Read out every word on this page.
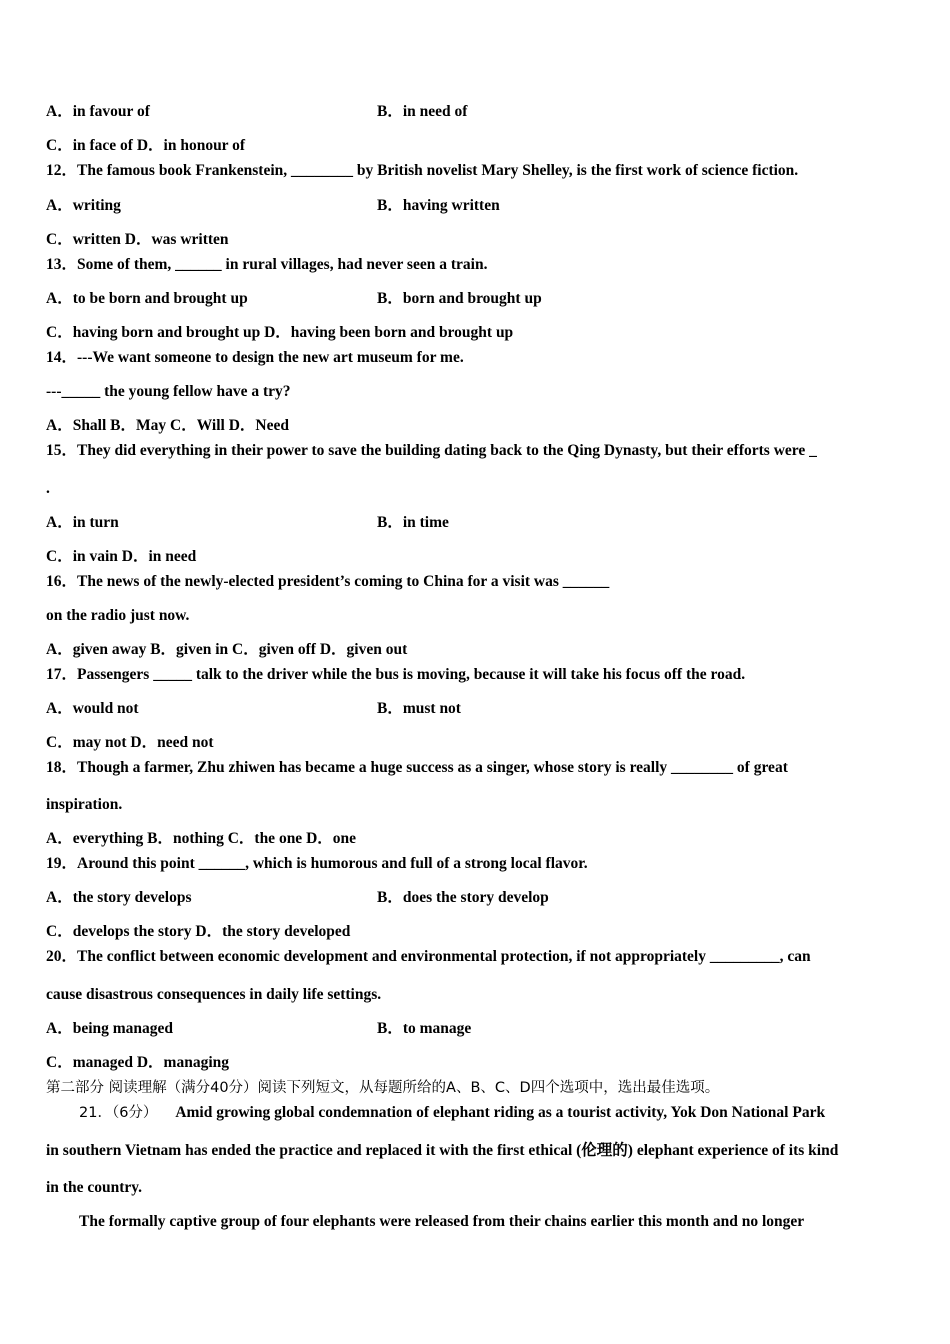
A．in favour of	B．in need of
C．in face of D．in honour of
12．The famous book Frankenstein, ________ by British novelist Mary Shelley, is the first work of science fiction.
A．writing	B．having written
C．written D．was written
13．Some of them, ______ in rural villages, had never seen a train.
A．to be born and brought up	B．born and brought up
C．having born and brought up D．having been born and brought up
14．---We want someone to design the new art museum for me.
---_____ the young fellow have a try?
A．Shall B．May C．Will D．Need
15．They did everything in their power to save the building dating back to the Qing Dynasty, but their efforts were _
.
A．in turn	B．in time
C．in vain D．in need
16．The news of the newly-elected president’s coming to China for a visit was ______
on the radio just now.
A．given away B．given in C．given off D．given out
17．Passengers _____ talk to the driver while the bus is moving, because it will take his focus off the road.
A．would not	B．must not
C．may not D．need not
18．Though a farmer, Zhu zhiwen has became a huge success as a singer, whose story is really ________ of great
inspiration.
A．everything B．nothing C．the one D．one
19．Around this point ______, which is humorous and full of a strong local flavor.
A．the story develops	B．does the story develop
C．develops the story D．the story developed
20．The conflict between economic development and environmental protection, if not appropriately _________, can
cause disastrous consequences in daily life settings.
A．being managed	B．to manage
C．managed D．managing
第二部分 阅读理解（满分40分）阅读下列短文，从每题所给的A、B、C、D四个选项中，选出最佳选项。
21．（6分） Amid growing global condemnation of elephant riding as a tourist activity, Yok Don National Park
in southern Vietnam has ended the practice and replaced it with the first ethical (伦理的) elephant experience of its kind
in the country.
The formally captive group of four elephants were released from their chains earlier this month and no longer
